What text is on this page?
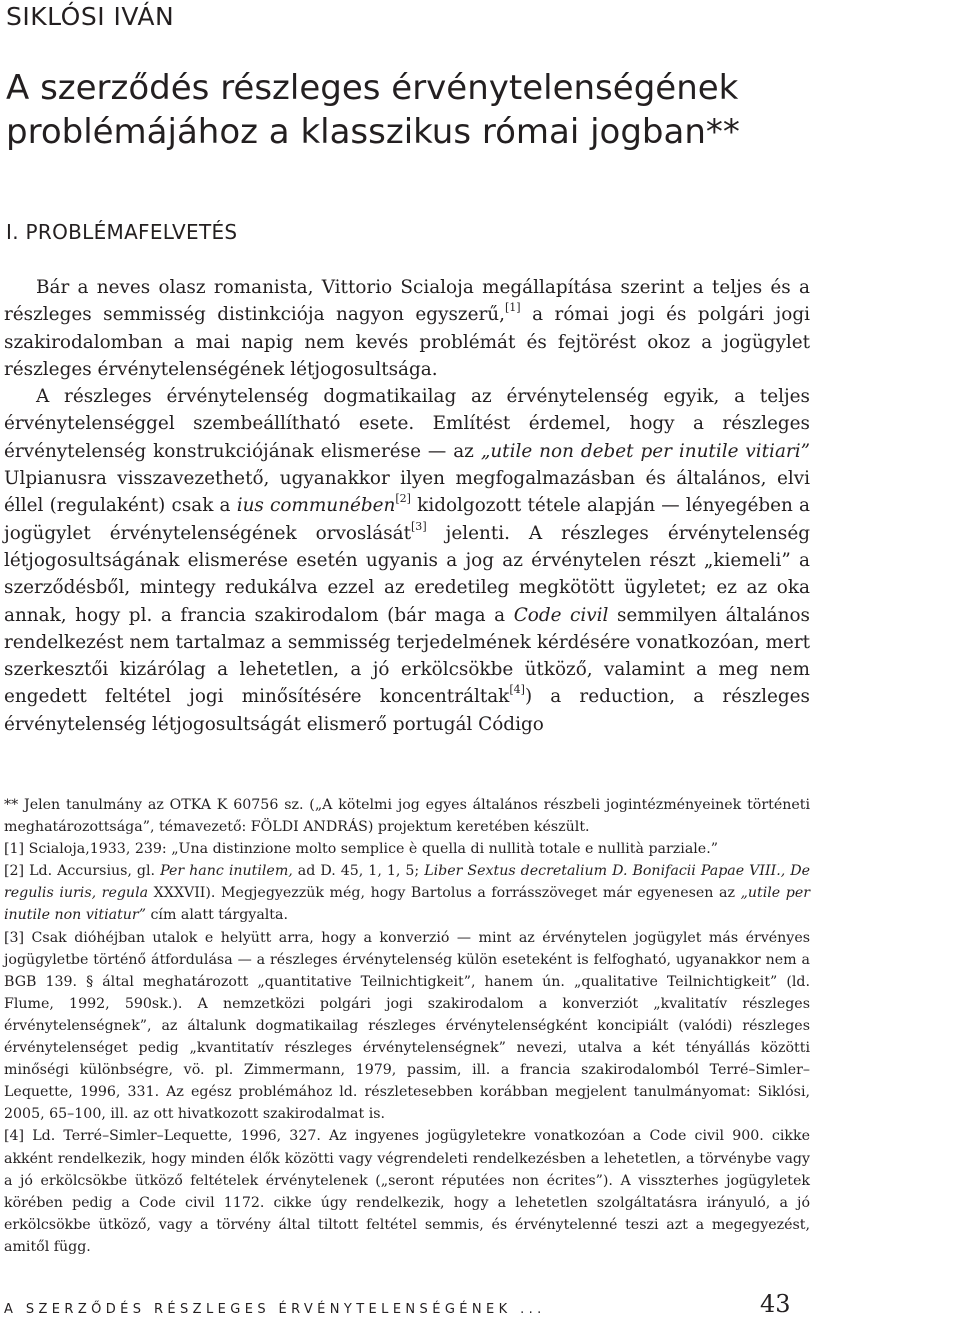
SIKLÓSI IVÁN
A szerződés részleges érvénytelenségének problémájához a klasszikus római jogban**
I. PROBLÉMAFELVETÉS

Bár a neves olasz romanista, Vittorio Scialoja megállapítása szerint a teljes és a részleges semmisség distinkciója nagyon egyszerű,[1] a római jogi és polgári jogi szakirodalomban a mai napig nem kevés problémát és fejtörést okoz a jogügylet részleges érvénytelenségének létjogosultsága.

A részleges érvénytelenség dogmatikailag az érvénytelenség egyik, a teljes érvénytelenséggel szembeállítható esete. Említést érdemel, hogy a részleges érvénytelenség konstrukciójának elismerése — az „utile non debet per inutile vitiari” Ulpianusra visszavezethető, ugyanakkor ilyen megfogalmazásban és általános, elvi éllel (regulaként) csak a ius communében[2] kidolgozott tétele alapján — lényegében a jogügylet érvénytelenségének orvoslását[3] jelenti. A részleges érvénytelenség létjogosultságának elismerése esetén ugyanis a jog az érvénytelen részt „kiemeli” a szerződésből, mintegy redukálva ezzel az eredetileg megkötött ügyletet; ez az oka annak, hogy pl. a francia szakirodalom (bár maga a Code civil semmilyen általános rendelkezést nem tartalmaz a semmisség terjedelmének kérdésére vonatkozóan, mert szerkesztői kizárólag a lehetetlen, a jó erkölcsökbe ütköző, valamint a meg nem engedett feltétel jogi minősítésére koncentráltak[4]) a reduction, a részleges érvénytelenség létjogosultságát elismerő portugál Código

** Jelen tanulmány az OTKA K 60756 sz. („A kötelmi jog egyes általános részbeli jogintézményeinek történeti meghatározottsága”, témavezető: FÖLDI ANDRÁS) projektum keretében készült.

[1] Scialoja,1933, 239: „Una distinzione molto semplice è quella di nullità totale e nullità parziale.”

[2] Ld. Accursius, gl. Per hanc inutilem, ad D. 45, 1, 1, 5; Liber Sextus decretalium D. Bonifacii Papae VIII., De regulis iuris, regula XXXVII). Megjegyezzük még, hogy Bartolus a forrásszöveget már egyenesen az „utile per inutile non vitiatur” cím alatt tárgyalta.

[3] Csak dióhéjban utalok e helyütt arra, hogy a konverzió — mint az érvénytelen jogügylet más érvényes jogügyletbe történő átfordulása — a részleges érvénytelenség külön eseteként is felfogható, ugyanakkor nem a BGB 139. § által meghatározott „quantitative Teilnichtigkeit”, hanem ún. „qualitative Teilnichtigkeit” (ld. Flume, 1992, 590sk.). A nemzetközi polgári jogi szakirodalom a konverziót „kvalitatív részleges érvénytelenségnek”, az általunk dogmatikailag részleges érvénytelenségként koncipiált (valódi) részleges érvénytelenséget pedig „kvantitatív részleges érvénytelenségnek” nevezi, utalva a két tényállás közötti minőségi különbségre, vö. pl. Zimmermann, 1979, passim, ill. a francia szakirodalomból Terré–Simler–Lequette, 1996, 331. Az egész problémához ld. részletesebben korábban megjelent tanulmányomat: Siklósi, 2005, 65–100, ill. az ott hivatkozott szakirodalmat is.

[4] Ld. Terré–Simler–Lequette, 1996, 327. Az ingyenes jogügyletekre vonatkozóan a Code civil 900. cikke akként rendelkezik, hogy minden élők közötti vagy végrendeleti rendelkezésben a lehetetlen, a törvénybe vagy a jó erkölcsökbe ütköző feltételek érvénytelenek („seront réputées non écrites”). A visszterhes jogügyletek körében pedig a Code civil 1172. cikke úgy rendelkezik, hogy a lehetetlen szolgáltatásra irányuló, a jó erkölcsökbe ütköző, vagy a törvény által tiltott feltétel semmis, és érvénytelenné teszi azt a megegyezést, amitől függ.

A SZERZŐDÉS RÉSZLEGES ÉRVÉNYTELENSÉGÉNEK ...	43
